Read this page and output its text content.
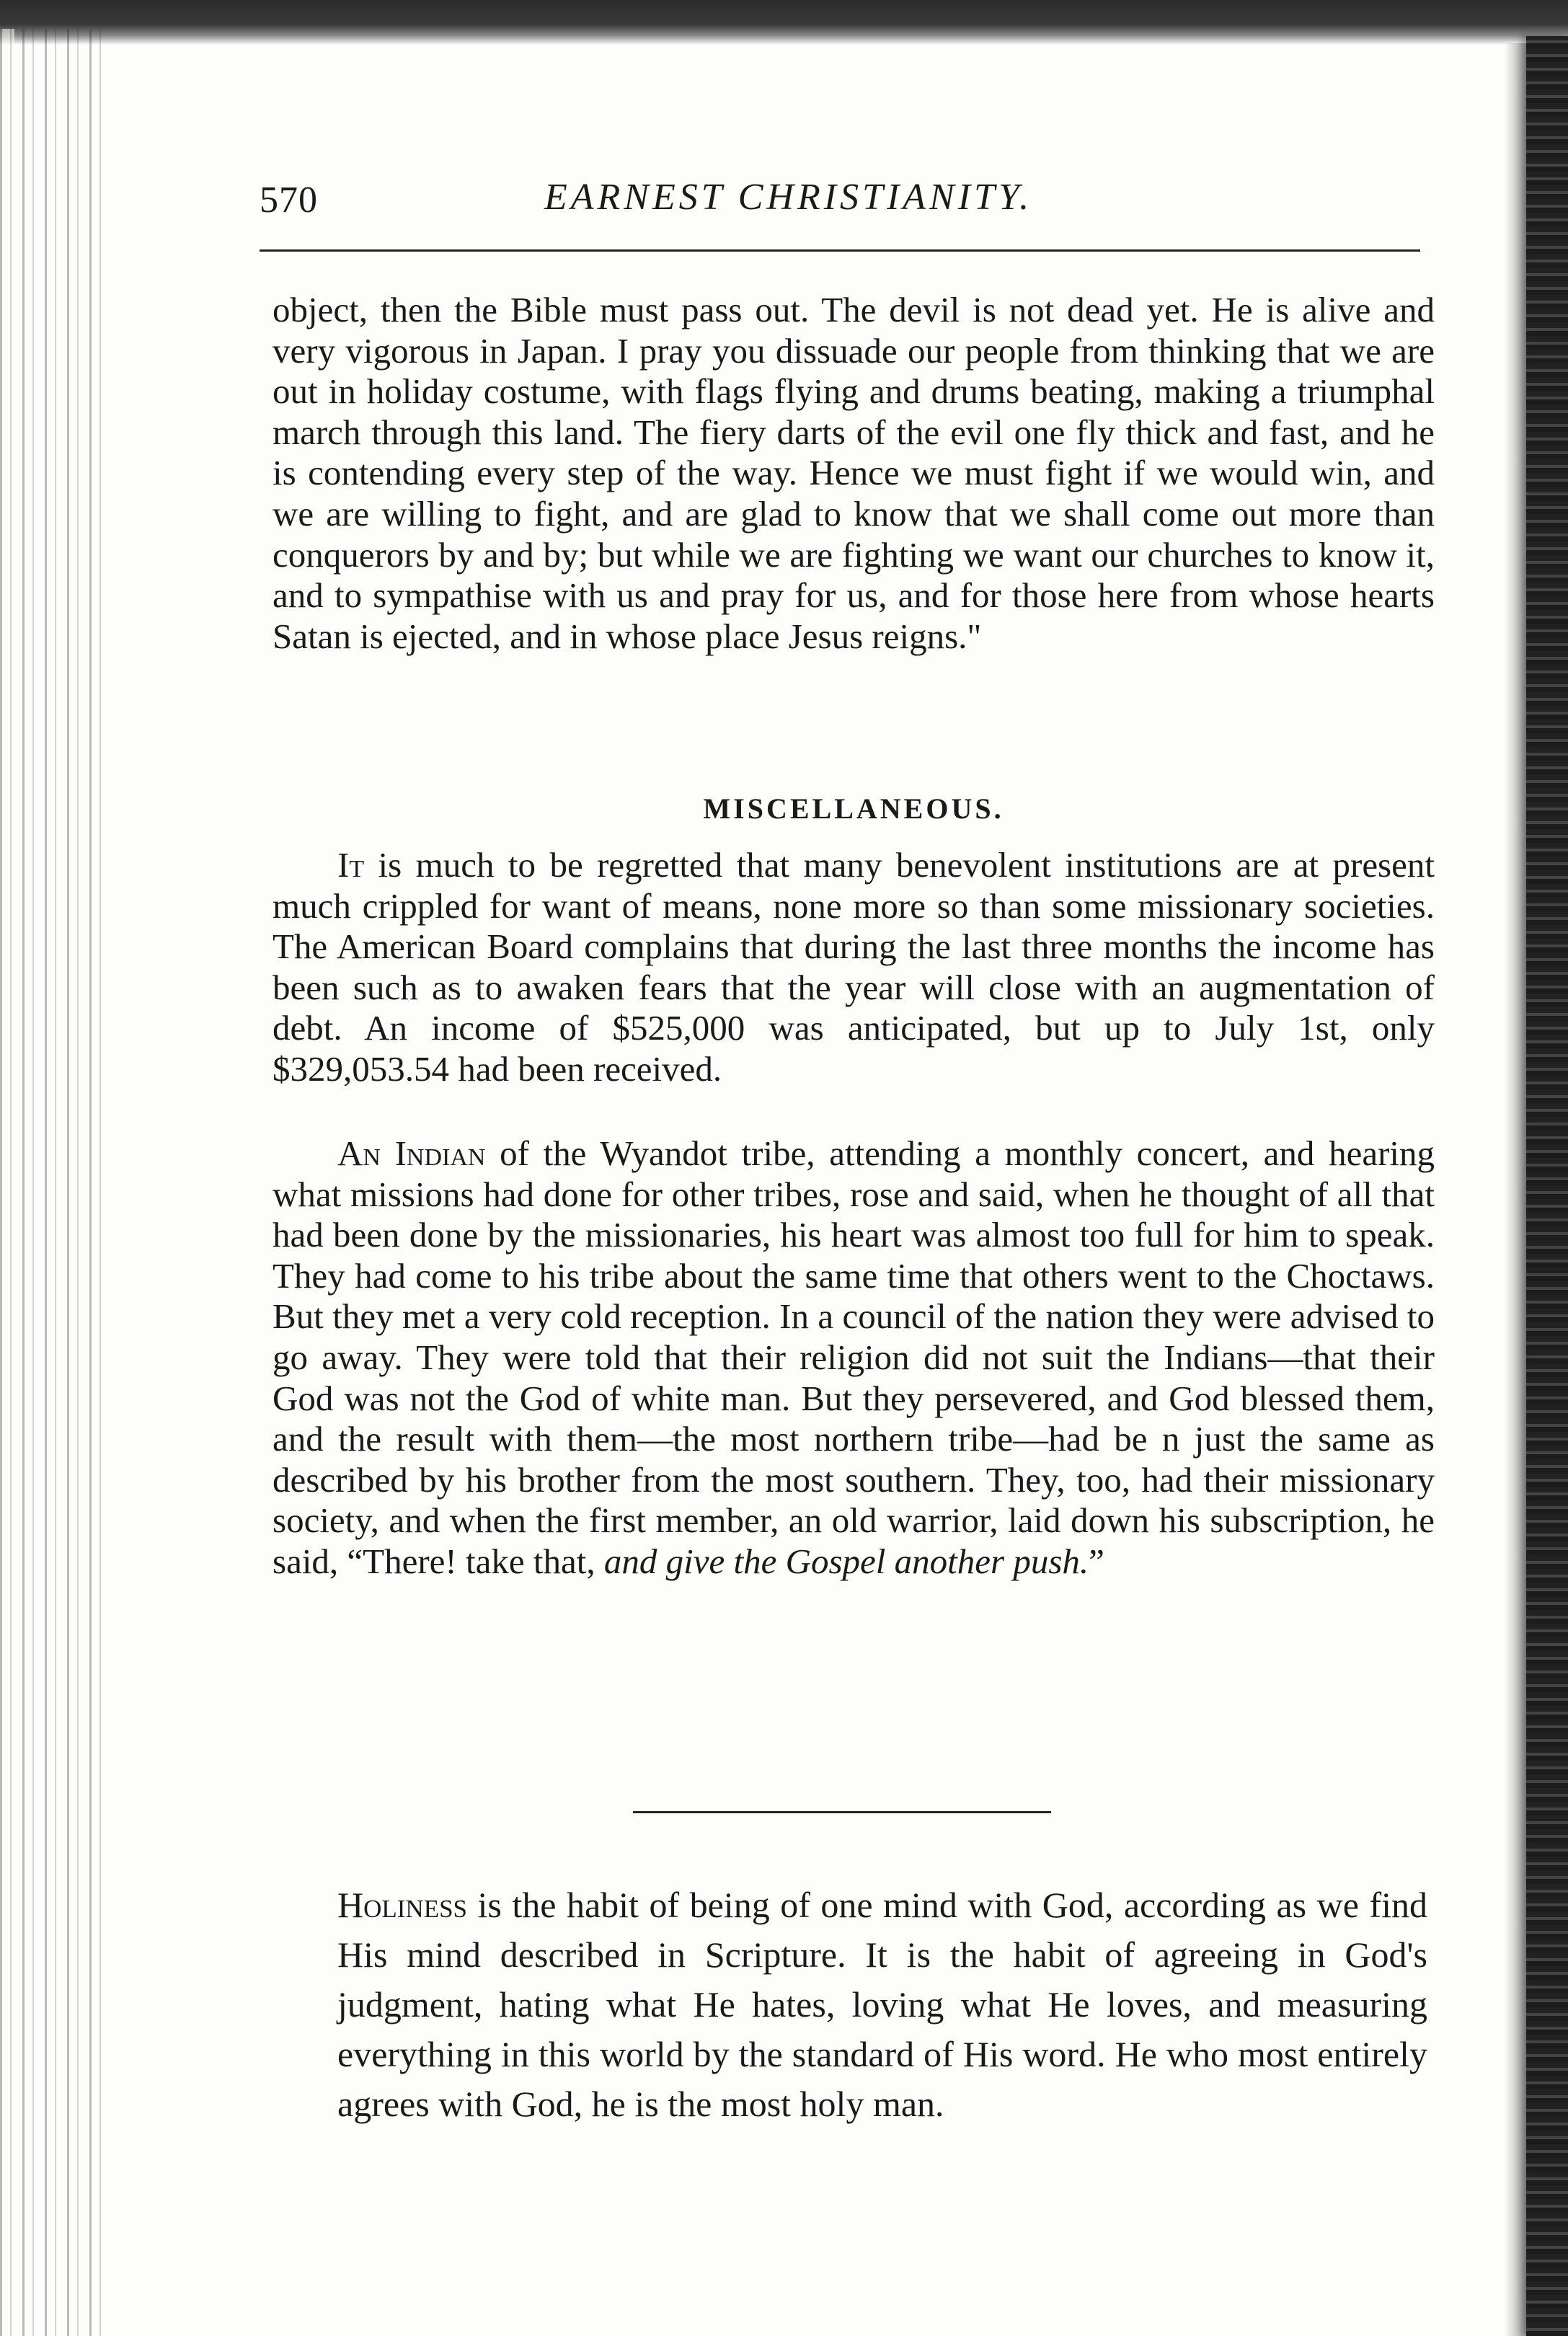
570	EARNEST CHRISTIANITY.

object, then the Bible must pass out. The devil is not dead yet. He is alive and very vigorous in Japan. I pray you dissuade our people from thinking that we are out in holiday costume, with flags flying and drums beating, making a triumphal march through this land. The fiery darts of the evil one fly thick and fast, and he is contending every step of the way. Hence we must fight if we would win, and we are willing to fight, and are glad to know that we shall come out more than conquerors by and by; but while we are fighting we want our churches to know it, and to sympathise with us and pray for us, and for those here from whose hearts Satan is ejected, and in whose place Jesus reigns."

MISCELLANEOUS.

It is much to be regretted that many benevolent institutions are at present much crippled for want of means, none more so than some missionary societies. The American Board complains that during the last three months the income has been such as to awaken fears that the year will close with an augmentation of debt. An income of $525,000 was anticipated, but up to July 1st, only $329,053.54 had been received.

An Indian of the Wyandot tribe, attending a monthly concert, and hearing what missions had done for other tribes, rose and said, when he thought of all that had been done by the missionaries, his heart was almost too full for him to speak. They had come to his tribe about the same time that others went to the Choctaws. But they met a very cold reception. In a council of the nation they were advised to go away. They were told that their religion did not suit the Indians—that their God was not the God of white man. But they persevered, and God blessed them, and the result with them—the most northern tribe—had be n just the same as described by his brother from the most southern. They, too, had their missionary society, and when the first member, an old warrior, laid down his subscription, he said, “There! take that, and give the Gospel another push.”

Holiness is the habit of being of one mind with God, according as we find His mind described in Scripture. It is the habit of agreeing in God's judgment, hating what He hates, loving what He loves, and measuring everything in this world by the standard of His word. He who most entirely agrees with God, he is the most holy man.
